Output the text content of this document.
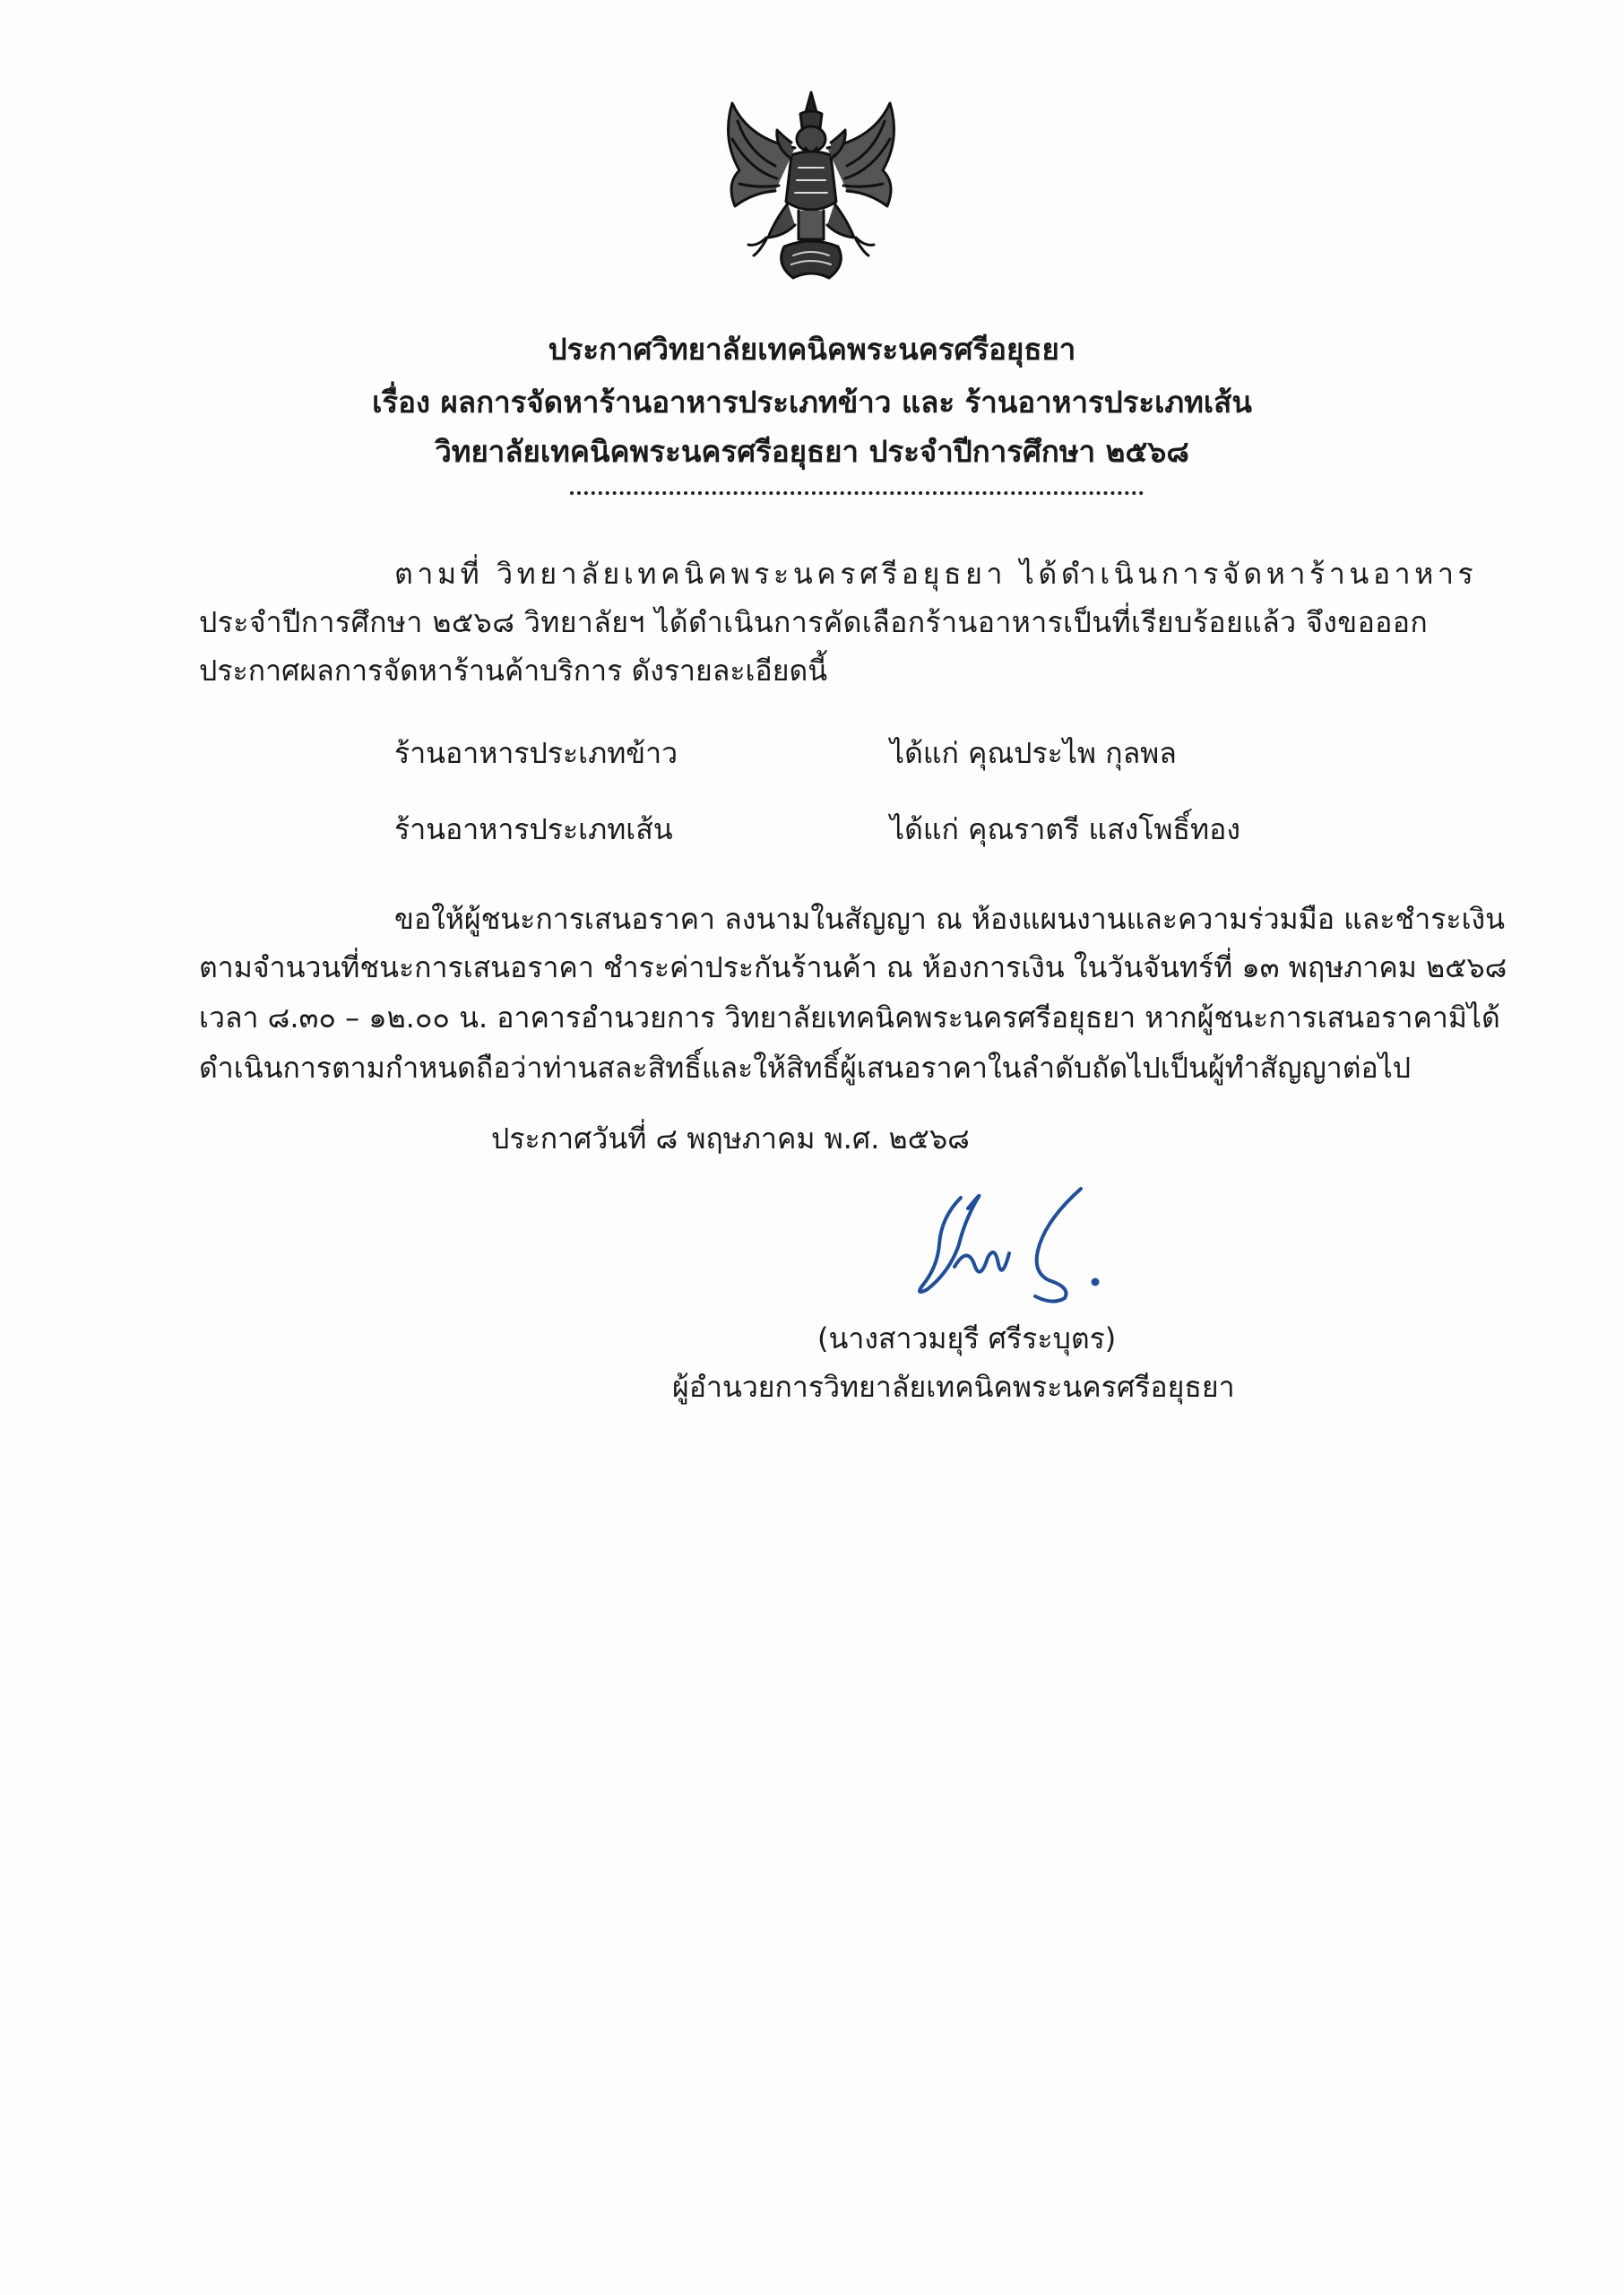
ประกาศวิทยาลัยเทคนิคพระนครศรีอยุธยา
เรื่อง ผลการจัดหาร้านอาหารประเภทข้าว และ ร้านอาหารประเภทเส้น
วิทยาลัยเทคนิคพระนครศรีอยุธยา ประจำปีการศึกษา ๒๕๖๘
ตามที่ วิทยาลัยเทคนิคพระนครศรีอยุธยา ได้ดำเนินการจัดหาร้านอาหาร
ประจำปีการศึกษา ๒๕๖๘ วิทยาลัยฯ ได้ดำเนินการคัดเลือกร้านอาหารเป็นที่เรียบร้อยแล้ว จึงขอออก
ประกาศผลการจัดหาร้านค้าบริการ ดังรายละเอียดนี้
ร้านอาหารประเภทข้าว	ได้แก่ คุณประไพ กุลพล
ร้านอาหารประเภทเส้น	ได้แก่ คุณราตรี แสงโพธิ์ทอง
ขอให้ผู้ชนะการเสนอราคา ลงนามในสัญญา ณ ห้องแผนงานและความร่วมมือ และชำระเงิน
ตามจำนวนที่ชนะการเสนอราคา ชำระค่าประกันร้านค้า ณ ห้องการเงิน ในวันจันทร์ที่ ๑๓ พฤษภาคม ๒๕๖๘
เวลา ๘.๓๐ – ๑๒.๐๐ น. อาคารอำนวยการ วิทยาลัยเทคนิคพระนครศรีอยุธยา หากผู้ชนะการเสนอราคามิได้
ดำเนินการตามกำหนดถือว่าท่านสละสิทธิ์และให้สิทธิ์ผู้เสนอราคาในลำดับถัดไปเป็นผู้ทำสัญญาต่อไป
ประกาศวันที่ ๘ พฤษภาคม พ.ศ. ๒๕๖๘
(นางสาวมยุรี ศรีระบุตร)
ผู้อำนวยการวิทยาลัยเทคนิคพระนครศรีอยุธยา
